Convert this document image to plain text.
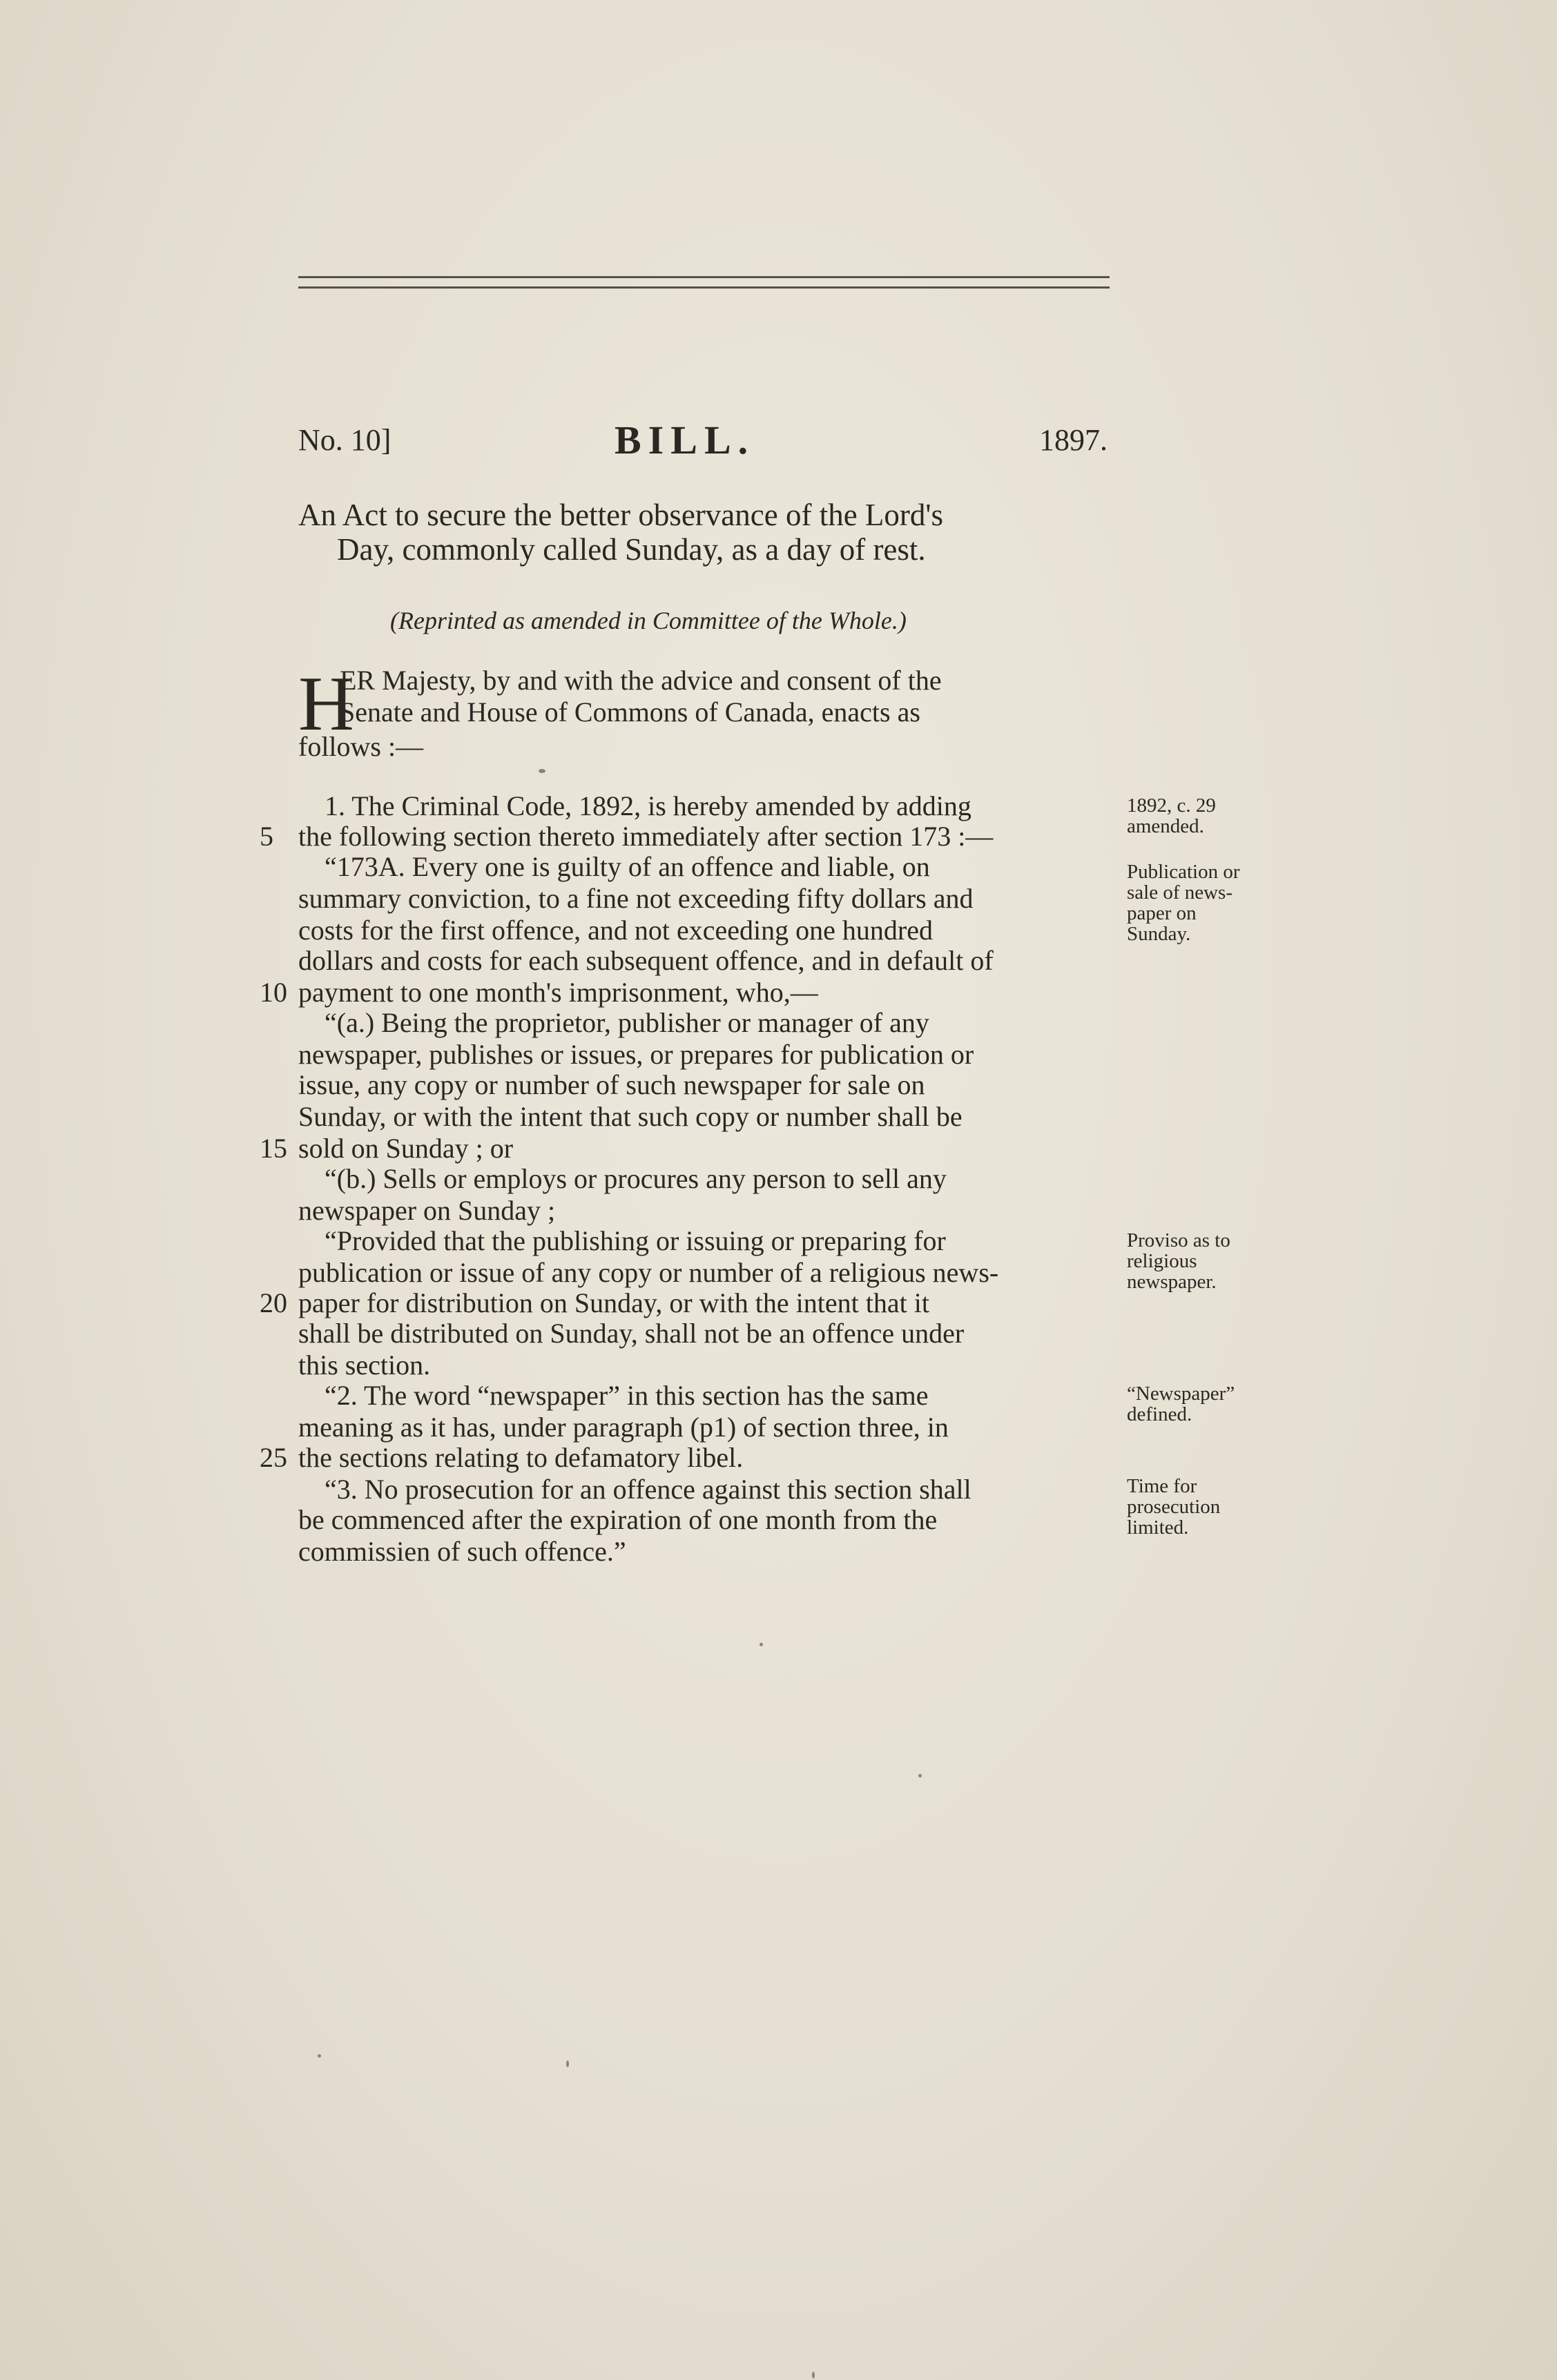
No. 10]	BILL.	1897.
An Act to secure the better observance of the Lord's
Day, commonly called Sunday, as a day of rest.
(Reprinted as amended in Committee of the Whole.)
H
ER Majesty, by and with the advice and consent of the
Senate and House of Commons of Canada, enacts as
follows :—
1. The Criminal Code, 1892, is hereby amended by adding
the following section thereto immediately after section 173 :—
“173A. Every one is guilty of an offence and liable, on
summary conviction, to a fine not exceeding fifty dollars and
costs for the first offence, and not exceeding one hundred
dollars and costs for each subsequent offence, and in default of
payment to one month's imprisonment, who,—
“(a.) Being the proprietor, publisher or manager of any
newspaper, publishes or issues, or prepares for publication or
issue, any copy or number of such newspaper for sale on
Sunday, or with the intent that such copy or number shall be
sold on Sunday ; or
“(b.) Sells or employs or procures any person to sell any
newspaper on Sunday ;
“Provided that the publishing or issuing or preparing for
publication or issue of any copy or number of a religious news-
paper for distribution on Sunday, or with the intent that it
shall be distributed on Sunday, shall not be an offence under
this section.
“2. The word “newspaper” in this section has the same
meaning as it has, under paragraph (p1) of section three, in
the sections relating to defamatory libel.
“3. No prosecution for an offence against this section shall
be commenced after the expiration of one month from the
commissien of such offence.”
5
10
15
20
25
1892, c. 29
amended.
Publication or
sale of news-
paper on
Sunday.
Proviso as to
religious
newspaper.
“Newspaper”
defined.
Time for
prosecution
limited.
